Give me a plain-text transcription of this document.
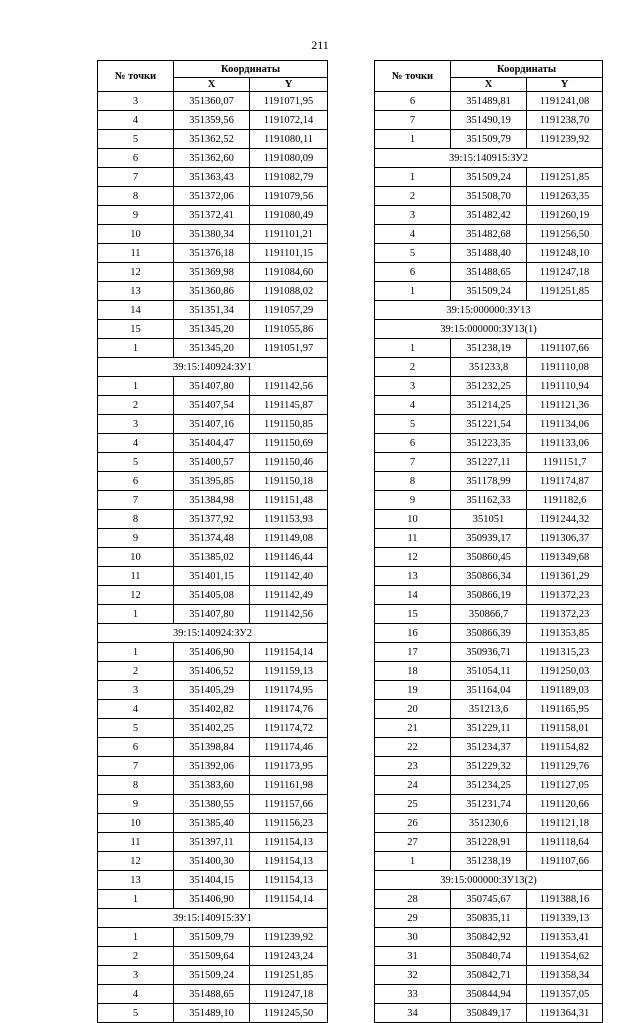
211
№ точки	Координаты	
	X	Y
3	351360,07	1191071,95
4	351359,56	1191072,14
5	351362,52	1191080,11
6	351362,60	1191080,09
7	351363,43	1191082,79
8	351372,06	1191079,56
9	351372,41	1191080,49
10	351380,34	1191101,21
11	351376,18	1191101,15
12	351369,98	1191084,60
13	351360,86	1191088,02
14	351351,34	1191057,29
15	351345,20	1191055,86
1	351345,20	1191051,97
39:15:140924:ЗУ1		
1	351407,80	1191142,56
2	351407,54	1191145,87
3	351407,16	1191150,85
4	351404,47	1191150,69
5	351400,57	1191150,46
6	351395,85	1191150,18
7	351384,98	1191151,48
8	351377,92	1191153,93
9	351374,48	1191149,08
10	351385,02	1191146,44
11	351401,15	1191142,40
12	351405,08	1191142,49
1	351407,80	1191142,56
39:15:140924:ЗУ2		
1	351406,90	1191154,14
2	351406,52	1191159,13
3	351405,29	1191174,95
4	351402,82	1191174,76
5	351402,25	1191174,72
6	351398,84	1191174,46
7	351392,06	1191173,95
8	351383,60	1191161,98
9	351380,55	1191157,66
10	351385,40	1191156,23
11	351397,11	1191154,13
12	351400,30	1191154,13
13	351404,15	1191154,13
1	351406,90	1191154,14
39:15:140915:ЗУ1		
1	351509,79	1191239,92
2	351509,64	1191243,24
3	351509,24	1191251,85
4	351488,65	1191247,18
5	351489,10	1191245,50
№ точки	Координаты	
	X	Y
6	351489,81	1191241,08
7	351490,19	1191238,70
1	351509,79	1191239,92
39:15:140915:ЗУ2		
1	351509,24	1191251,85
2	351508,70	1191263,35
3	351482,42	1191260,19
4	351482,68	1191256,50
5	351488,40	1191248,10
6	351488,65	1191247,18
1	351509,24	1191251,85
39:15:000000:ЗУ13		
39:15:000000:ЗУ13(1)		
1	351238,19	1191107,66
2	351233,8	1191110,08
3	351232,25	1191110,94
4	351214,25	1191121,36
5	351221,54	1191134,06
6	351223,35	1191133,06
7	351227,11	1191151,7
8	351178,99	1191174,87
9	351162,33	1191182,6
10	351051	1191244,32
11	350939,17	1191306,37
12	350860,45	1191349,68
13	350866,34	1191361,29
14	350866,19	1191372,23
15	350866,7	1191372,23
16	350866,39	1191353,85
17	350936,71	1191315,23
18	351054,11	1191250,03
19	351164,04	1191189,03
20	351213,6	1191165,95
21	351229,11	1191158,01
22	351234,37	1191154,82
23	351229,32	1191129,76
24	351234,25	1191127,05
25	351231,74	1191120,66
26	351230,6	1191121,18
27	351228,91	1191118,64
1	351238,19	1191107,66
39:15:000000:ЗУ13(2)		
28	350745,67	1191388,16
29	350835,11	1191339,13
30	350842,92	1191353,41
31	350840,74	1191354,62
32	350842,71	1191358,34
33	350844,94	1191357,05
34	350849,17	1191364,31
